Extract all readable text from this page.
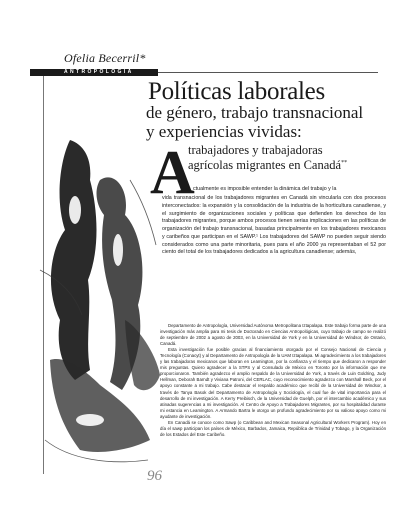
Ofelia Becerril*
ANTROPOLOGÍA
Políticas laborales
de género, trabajo transnacional
y experiencias vividas:
trabajadores y trabajadoras
agrícolas migrantes en Canadá**
A
ctualmente es imposible entender la dinámica del trabajo y la
vida transnacional de los trabajadores migrantes en Canadá sin vincularla con dos procesos interconectados: la expansión y la consolidación de la industria de la horticultura canadiense, y el surgimiento de organizaciones sociales y políticas que defienden los derechos de los trabajadores migrantes, porque ambos procesos tienen serias implicaciones en las políticas de organización del trabajo transnacional, basadas principalmente en los trabajadores mexicanos y caribeños que participan en el SAWP.¹ Los trabajadores del SAWP no pueden seguir siendo considerados como una parte minoritaria, pues para el año 2000 ya representaban el 52 por ciento del total de los trabajadores dedicados a la agricultura canadiense; además,

Departamento de Antropología, Universidad Autónoma Metropolitana Iztapalapa. Este trabajo forma parte de una investigación más amplia para mi tesis de Doctorado en Ciencias Antropológicas, cuyo trabajo de campo se realizó de septiembre de 2002 a agosto de 2003, en la Universidad de York y en la Universidad de Windsor, de Ontario, Canadá.

Esta investigación fue posible gracias al financiamiento otorgado por el Consejo Nacional de Ciencia y Tecnología (Conacyt) y al Departamento de Antropología de la UAM Iztapalapa. Mi agradecimiento a los trabajadores y las trabajadoras mexicanos que laboran en Leamington, por la confianza y el tiempo que dedicaron a responder mis preguntas. Quiero agradecer a la STPS y al Consulado de México en Toronto por la información que me proporcionaron. También agradezco el amplio respaldo de la Universidad de York, a través de Luin Goldring, Judy Hellman, Deborah Barndt y Viviana Patroni, del CERLAC, cuyo reconocimiento agradezco con Marshall Beck, por el apoyo constante a mi trabajo. Cabe destacar el respaldo académico que recibí de la Universidad de Windsor, a través de Tanya Basok del Departamento de Antropología y Sociología, el cual fue de vital importancia para el desarrollo de mi investigación. A Kerry Preibisch, de la Universidad de Guelph, por el intercambio académico y sus atinadas sugerencias a mi investigación. Al Centro de Apoyo a Trabajadores Migrantes, por su hospitalidad durante mi estancia en Leamington. A Armando Bartra le otorgo un profundo agradecimiento por su valioso apoyo como mi ayudante de investigación.

En Canadá se conoce como Sawp (o Caribbean and Mexican Seasonal Agricultural Workers Program). Hoy en día el sawp participan los países de México, Barbados, Jamaica, República de Trinidad y Tobago, y la Organización de los Estados del Este Caribeño.

96
